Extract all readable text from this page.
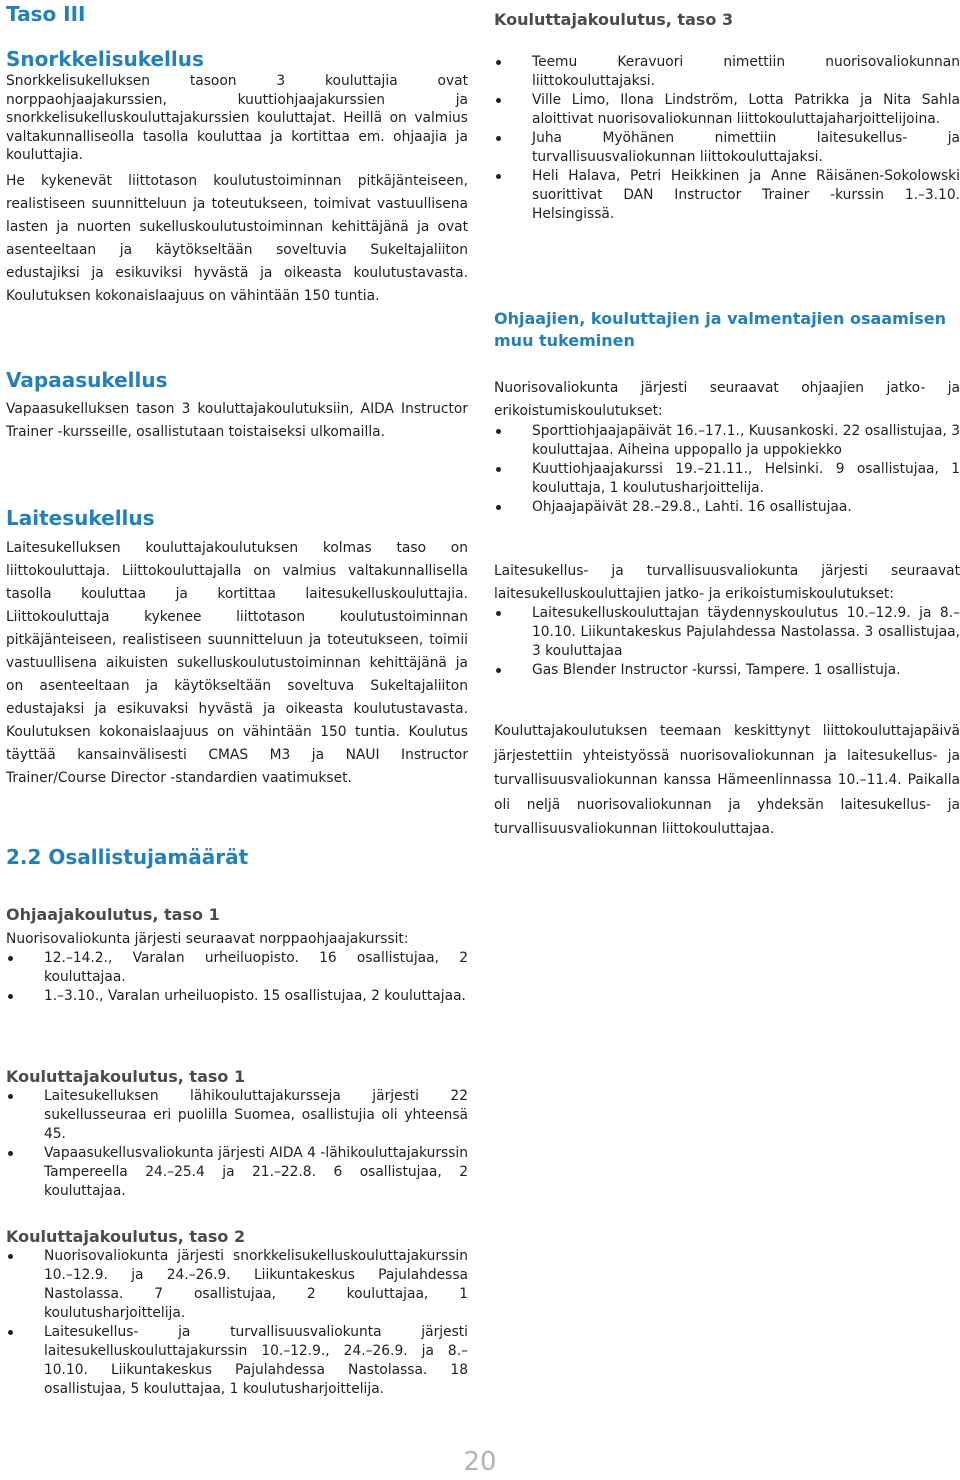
Taso III
Snorkkelisukellus

Snorkkelisukelluksen tasoon 3 kouluttajia ovat norppaohjaajakurssien, kuuttiohjaajakurssien ja snorkkelisukelluskouluttajakurssien kouluttajat. Heillä on valmius valtakunnalliseolla tasolla kouluttaa ja kortittaa em. ohjaajia ja kouluttajia.

He kykenevät liittotason koulutustoiminnan pitkäjänteiseen, realistiseen suunnitteluun ja toteutukseen, toimivat vastuullisena lasten ja nuorten sukelluskoulutustoiminnan kehittäjänä ja ovat asenteeltaan ja käytökseltään soveltuvia Sukeltajaliiton edustajiksi ja esikuviksi hyvästä ja oikeasta koulutustavasta. Koulutuksen kokonaislaajuus on vähintään 150 tuntia.

Vapaasukellus

Vapaasukelluksen tason 3 kouluttajakoulutuksiin, AIDA Instructor Trainer -kursseille, osallistutaan toistaiseksi ulkomailla.

Laitesukellus

Laitesukelluksen kouluttajakoulutuksen kolmas taso on liittokouluttaja. Liittokouluttajalla on valmius valtakunnallisella tasolla kouluttaa ja kortittaa laitesukelluskouluttajia. Liittokouluttaja kykenee liittotason koulutustoiminnan pitkäjänteiseen, realistiseen suunnitteluun ja toteutukseen, toimii vastuullisena aikuisten sukelluskoulutustoiminnan kehittäjänä ja on asenteeltaan ja käytökseltään soveltuva Sukeltajaliiton edustajaksi ja esikuvaksi hyvästä ja oikeasta koulutustavasta. Koulutuksen kokonaislaajuus on vähintään 150 tuntia. Koulutus täyttää kansainvälisesti CMAS M3 ja NAUI Instructor Trainer/Course Director -standardien vaatimukset.

2.2 Osallistujamäärät
Ohjaajakoulutus, taso 1

Nuorisovaliokunta järjesti seuraavat norppaohjaajakurssit:

12.–14.2., Varalan urheiluopisto. 16 osallistujaa, 2 kouluttajaa.
1.–3.10., Varalan urheiluopisto. 15 osallistujaa, 2 kouluttajaa.
Kouluttajakoulutus, taso 1
Laitesukelluksen lähikouluttajakursseja järjesti 22 sukellusseuraa eri puolilla Suomea, osallistujia oli yhteensä 45.
Vapaasukellusvaliokunta järjesti AIDA 4 -lähikouluttajakurssin Tampereella 24.–25.4 ja 21.–22.8. 6 osallistujaa, 2 kouluttajaa.
Kouluttajakoulutus, taso 2
Nuorisovaliokunta järjesti snorkkelisukelluskouluttajakurssin 10.–12.9. ja 24.–26.9. Liikuntakeskus Pajulahdessa Nastolassa. 7 osallistujaa, 2 kouluttajaa, 1 koulutusharjoittelija.
Laitesukellus- ja turvallisuusvaliokunta järjesti laitesukelluskouluttajakurssin 10.–12.9., 24.–26.9. ja 8.–10.10. Liikuntakeskus Pajulahdessa Nastolassa. 18 osallistujaa, 5 kouluttajaa, 1 koulutusharjoittelija.
Kouluttajakoulutus, taso 3
Teemu Keravuori nimettiin nuorisovaliokunnan liittokouluttajaksi.
Ville Limo, Ilona Lindström, Lotta Patrikka ja Nita Sahla aloittivat nuorisovaliokunnan liittokouluttajaharjoittelijoina.
Juha Myöhänen nimettiin laitesukellus- ja turvallisuusvaliokunnan liittokouluttajaksi.
Heli Halava, Petri Heikkinen ja Anne Räisänen-Sokolowski suorittivat DAN Instructor Trainer -kurssin 1.–3.10. Helsingissä.
Ohjaajien, kouluttajien ja valmentajien osaamisen muu tukeminen

Nuorisovaliokunta järjesti seuraavat ohjaajien jatko- ja erikoistumiskoulutukset:

Sporttiohjaajapäivät 16.–17.1., Kuusankoski. 22 osallistujaa, 3 kouluttajaa. Aiheina uppopallo ja uppokiekko
Kuuttiohjaajakurssi 19.–21.11., Helsinki. 9 osallistujaa, 1 kouluttaja, 1 koulutusharjoittelija.
Ohjaajapäivät 28.–29.8., Lahti. 16 osallistujaa.

Laitesukellus- ja turvallisuusvaliokunta järjesti seuraavat laitesukelluskouluttajien jatko- ja erikoistumiskoulutukset:

Laitesukelluskouluttajan täydennyskoulutus 10.–12.9. ja 8.–10.10. Liikuntakeskus Pajulahdessa Nastolassa. 3 osallistujaa, 3 kouluttajaa
Gas Blender Instructor -kurssi, Tampere. 1 osallistuja.

Kouluttajakoulutuksen teemaan keskittynyt liittokouluttajapäivä järjestettiin yhteistyössä nuorisovaliokunnan ja laitesukellus- ja turvallisuusvaliokunnan kanssa Hämeenlinnassa 10.–11.4. Paikalla oli neljä nuorisovaliokunnan ja yhdeksän laitesukellus- ja turvallisuusvaliokunnan liittokouluttajaa.

20
